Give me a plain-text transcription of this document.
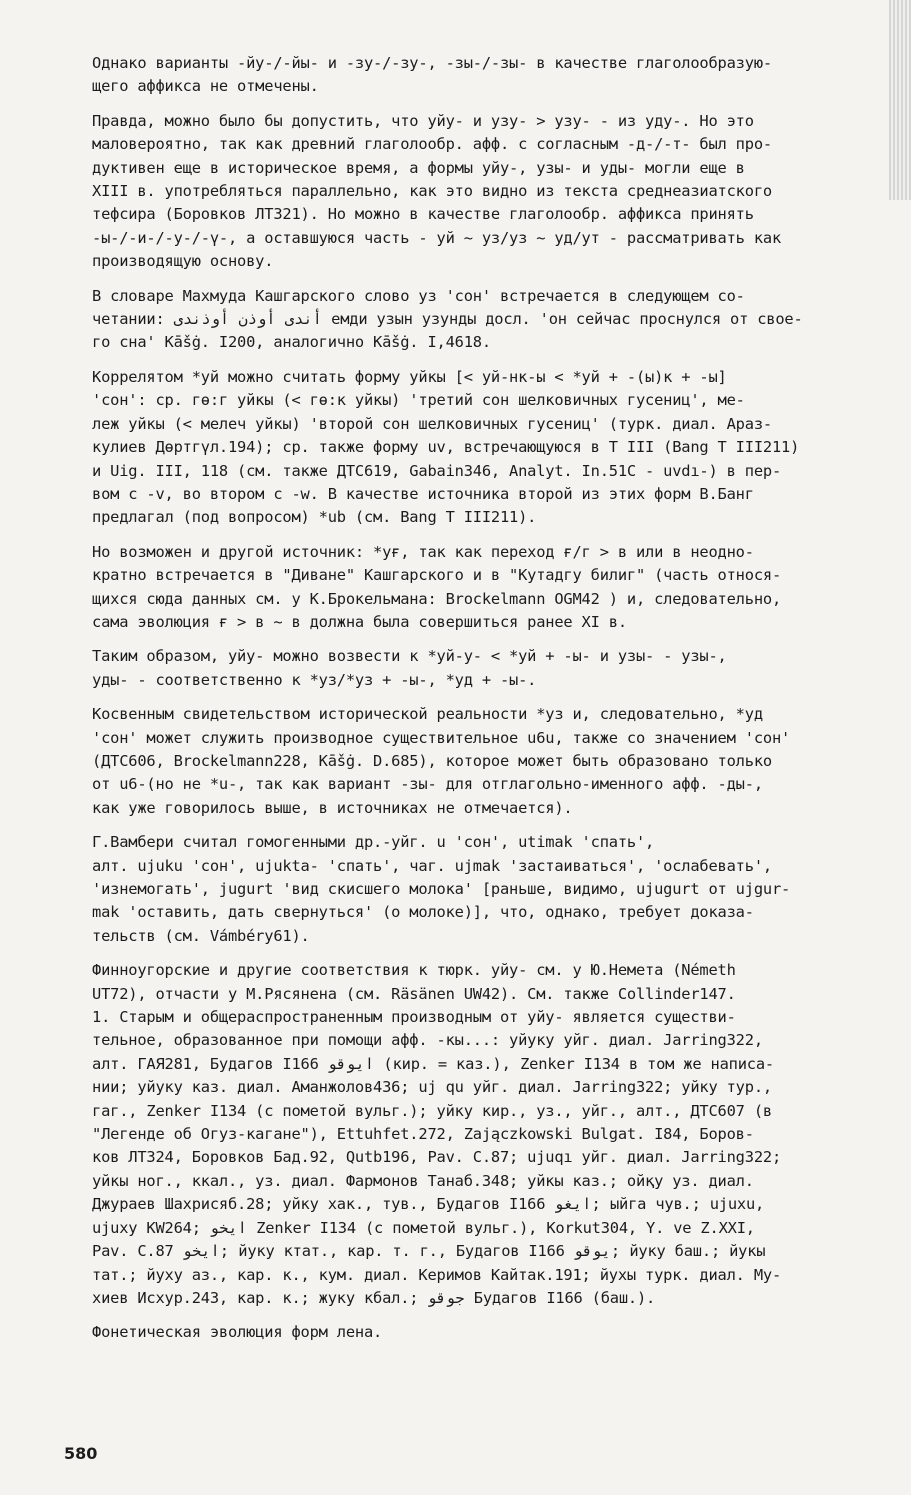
Однако варианты -йу-/-йы- и -зу-/-зу-, -зы-/-зы- в качестве глаголообразую-
щего аффикса не отмечены.

Правда, можно было бы допустить, что уйу- и узу- > узу- - из уду-. Но это
маловероятно, так как древний глаголообр. афф. с согласным -д-/-т- был про-
дуктивен еще в историческое время, а формы уйу-, узы- и уды- могли еще в
XIII в. употребляться параллельно, как это видно из текста среднеазиатского
тефсира (Боровков ЛТ321). Но можно в качестве глаголообр. аффикса принять
-ы-/-и-/-у-/-ү-, а оставшуюся часть - уй ~ уз/уз ~ уд/ут - рассматривать как
производящую основу.

В словаре Махмуда Кашгарского слово уз 'сон' встречается в следующем со-
четании: أندى أوذن أوذندى емди узын узунды досл. 'он сейчас проснулся от свое-
го сна' Kāšġ. I200, аналогично Kāšġ. I,4618.

Коррелятом *уй можно считать форму уйкы [< уй-нк-ы < *уй + -(ы)к + -ы]
'сон': ср. гө:г уйкы (< гө:к уйкы) 'третий сон шелковичных гусениц', ме-
леж уйкы (< мелеч уйкы) 'второй сон шелковичных гусениц' (турк. диал. Араз-
кулиев Дөртгүл.194); ср. также форму uv, встречающуюся в Т III (Bang T III211)
и Uig. III, 118 (см. также ДТС619, Gabain346, Analyt. In.51C - uvdı-) в пер-
вом с -v, во втором с -w. В качестве источника второй из этих форм В.Банг
предлагал (под вопросом) *ub (см. Bang T III211).

Но возможен и другой источник: *уғ, так как переход ғ/г > в или в неодно-
кратно встречается в "Диване" Кашгарского и в "Кутадгу билиг" (часть относя-
щихся сюда данных см. у К.Брокельмана: Brockelmann OGM42 ) и, следовательно,
сама эволюция ғ > в ~ в должна была совершиться ранее XI в.

Таким образом, уйу- можно возвести к *уй-у- < *уй + -ы- и узы- - узы-,
уды- - соответственно к *уз/*уз + -ы-, *уд + -ы-.

Косвенным свидетельством исторической реальности *уз и, следовательно, *уд
'сон' может служить производное существительное u6u, также со значением 'сон'
(ДТС606, Brockelmann228, Kāšġ. D.685), которое может быть образовано только
от u6-(но не *u-, так как вариант -зы- для отглагольно-именного афф. -ды-,
как уже говорилось выше, в источниках не отмечается).

Г.Вамбери считал гомогенными др.-уйг. u 'сон', utimak 'спать',
алт. ujuku 'сон', ujukta- 'спать', чаг. ujmak 'застаиваться', 'ослабевать',
'изнемогать', jugurt 'вид скисшего молока' [раньше, видимо, ujugurt от ujgur-
mak 'оставить, дать свернуться' (о молоке)], что, однако, требует доказа-
тельств (см. Vámbéry61).

Финноугорские и другие соответствия к тюрк. уйу- см. у Ю.Немета (Németh
UT72), отчасти у М.Рясянена (см. Räsänen UW42). См. также Collinder147.
1. Старым и общераспространенным производным от уйу- является существи-
тельное, образованное при помощи афф. -кы...: уйуку уйг. диал. Jarring322,
алт. ГАЯ281, Будагов I166 ايوقو (кир. = каз.), Zenker I134 в том же написа-
нии; уйуку каз. диал. Аманжолов436; uj qu уйг. диал. Jarring322; уйку тур.,
гаг., Zenker I134 (с пометой вульг.); уйку кир., уз., уйг., алт., ДТС607 (в
"Легенде об Огуз-кагане"), Ettuhfet.272, Zajączkowski Bulgat. I84, Боров-
ков ЛТ324, Боровков Бад.92, Qutb196, Pav. C.87; ujuqı уйг. диал. Jarring322;
уйкы ног., ккал., уз. диал. Фармонов Танаб.348; уйкы каз.; ойқу уз. диал.
Джураев Шахрисяб.28; уйку хак., тув., Будагов I166 ايغو; ыйга чув.; ujuxu,
ujuxy KW264; ايخو Zenker I134 (с пометой вульг.), Korkut304, Y. ve Z.XXI,
Pav. C.87 ايخو; йуку ктат., кар. т. г., Будагов I166 يوقو; йуку баш.; йукы
тат.; йуху аз., кар. к., кум. диал. Керимов Кайтак.191; йухы турк. диал. Му-
хиев Исхур.243, кар. к.; жуку кбал.; جوقو Будагов I166 (баш.).

Фонетическая эволюция форм лена.

580
